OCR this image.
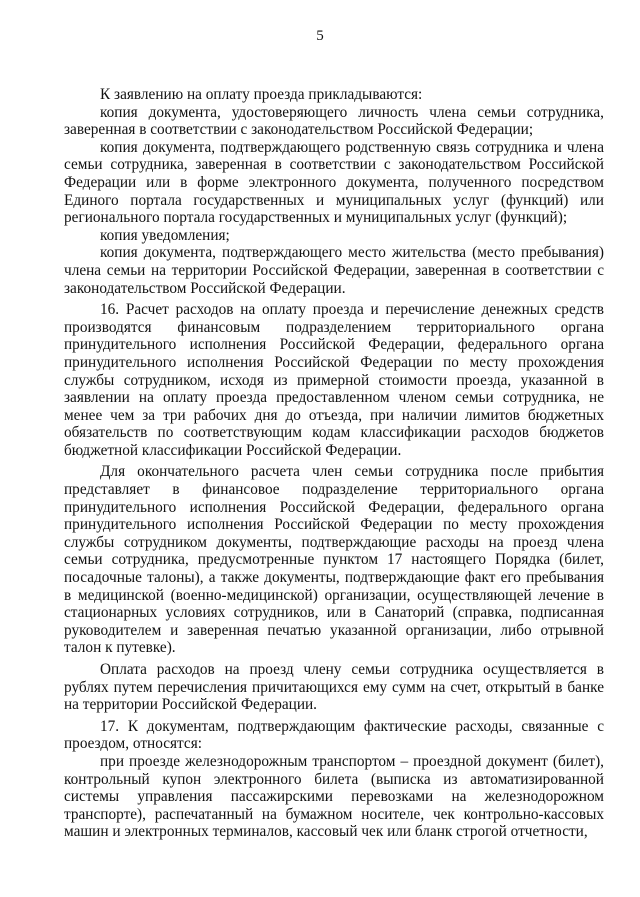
5

К заявлению на оплату проезда прикладываются:

копия документа, удостоверяющего личность члена семьи сотрудника, заверенная в соответствии с законодательством Российской Федерации;

копия документа, подтверждающего родственную связь сотрудника и члена семьи сотрудника, заверенная в соответствии с законодательством Российской Федерации или в форме электронного документа, полученного посредством Единого портала государственных и муниципальных услуг (функций) или регионального портала государственных и муниципальных услуг (функций);

копия уведомления;

копия документа, подтверждающего место жительства (место пребывания) члена семьи на территории Российской Федерации, заверенная в соответствии с законодательством Российской Федерации.

16. Расчет расходов на оплату проезда и перечисление денежных средств производятся финансовым подразделением территориального органа принудительного исполнения Российской Федерации, федерального органа принудительного исполнения Российской Федерации по месту прохождения службы сотрудником, исходя из примерной стоимости проезда, указанной в заявлении на оплату проезда предоставленном членом семьи сотрудника, не менее чем за три рабочих дня до отъезда, при наличии лимитов бюджетных обязательств по соответствующим кодам классификации расходов бюджетов бюджетной классификации Российской Федерации.

Для окончательного расчета член семьи сотрудника после прибытия представляет в финансовое подразделение территориального органа принудительного исполнения Российской Федерации, федерального органа принудительного исполнения Российской Федерации по месту прохождения службы сотрудником документы, подтверждающие расходы на проезд члена семьи сотрудника, предусмотренные пунктом 17 настоящего Порядка (билет, посадочные талоны), а также документы, подтверждающие факт его пребывания в медицинской (военно-медицинской) организации, осуществляющей лечение в стационарных условиях сотрудников, или в Санаторий (справка, подписанная руководителем и заверенная печатью указанной организации, либо отрывной талон к путевке).

Оплата расходов на проезд члену семьи сотрудника осуществляется в рублях путем перечисления причитающихся ему сумм на счет, открытый в банке на территории Российской Федерации.

17. К документам, подтверждающим фактические расходы, связанные с проездом, относятся:

при проезде железнодорожным транспортом – проездной документ (билет), контрольный купон электронного билета (выписка из автоматизированной системы управления пассажирскими перевозками на железнодорожном транспорте), распечатанный на бумажном носителе, чек контрольно-кассовых машин и электронных терминалов, кассовый чек или бланк строгой отчетности,
